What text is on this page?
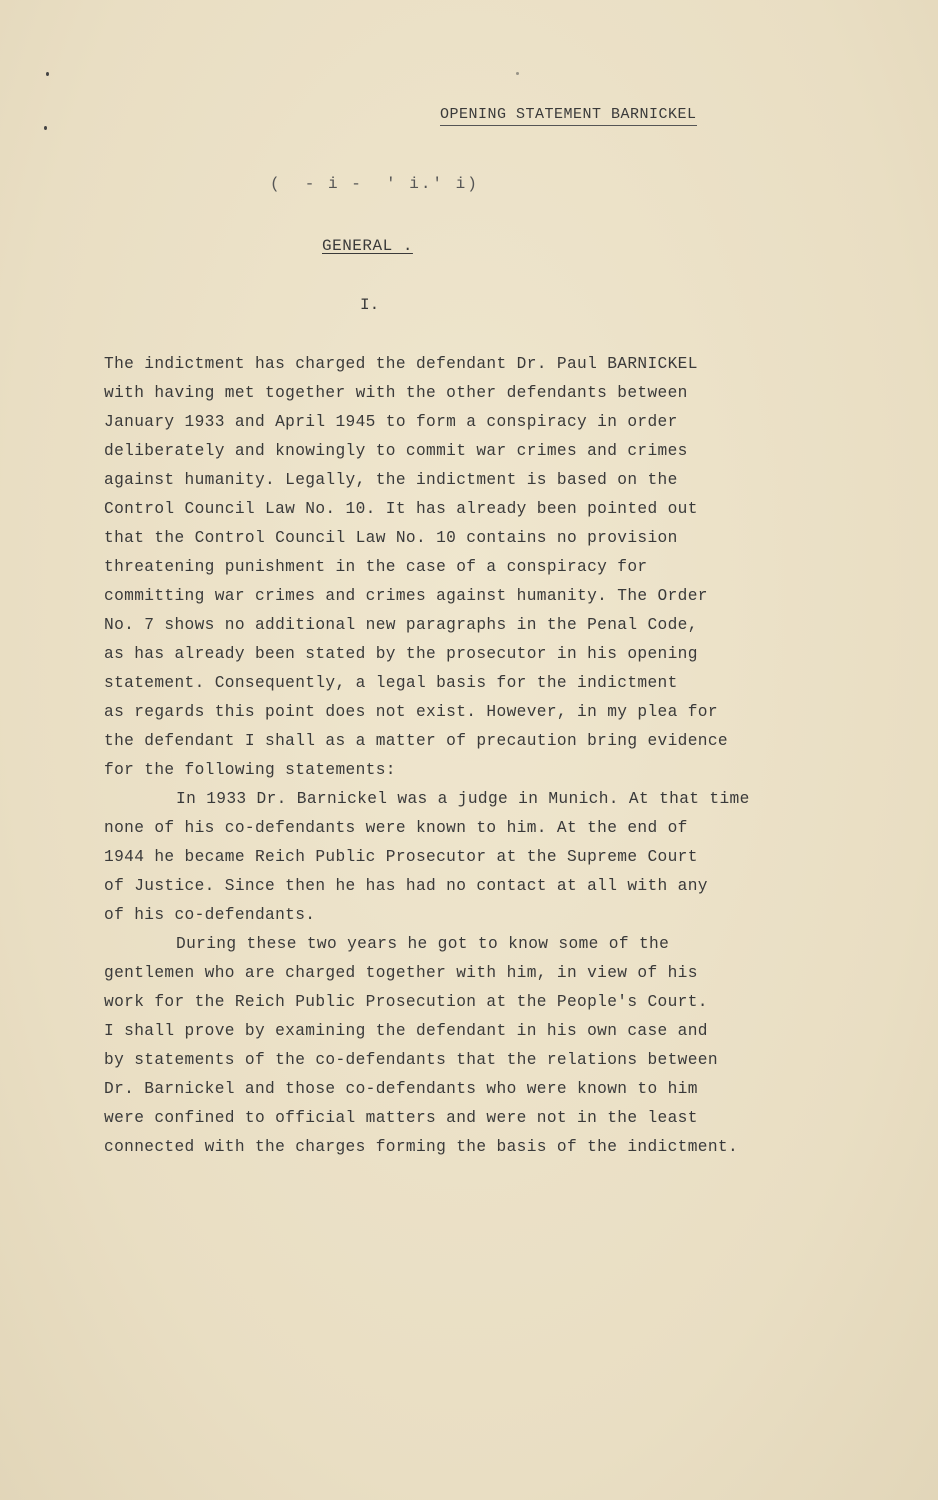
OPENING STATEMENT BARNICKEL
(  - i -  ' i.' i)
GENERAL .
I.
The indictment has charged the defendant Dr. Paul BARNICKEL
with having met together with the other defendants between
January 1933 and April 1945 to form a conspiracy in order
deliberately and knowingly to commit war crimes and crimes
against humanity. Legally, the indictment is based on the
Control Council Law No. 10. It has already been pointed out
that the Control Council Law No. 10 contains no provision
threatening punishment in the case of a conspiracy for
committing war crimes and crimes against humanity. The Order
No. 7 shows no additional new paragraphs in the Penal Code,
as has already been stated by the prosecutor in his opening
statement. Consequently, a legal basis for the indictment
as regards this point does not exist. However, in my plea for
the defendant I shall as a matter of precaution bring evidence
for the following statements:
In 1933 Dr. Barnickel was a judge in Munich. At that time
none of his co-defendants were known to him. At the end of
1944 he became Reich Public Prosecutor at the Supreme Court
of Justice. Since then he has had no contact at all with any
of his co-defendants.
During these two years he got to know some of the
gentlemen who are charged together with him, in view of his
work for the Reich Public Prosecution at the People's Court.
I shall prove by examining the defendant in his own case and
by statements of the co-defendants that the relations between
Dr. Barnickel and those co-defendants who were known to him
were confined to official matters and were not in the least
connected with the charges forming the basis of the indictment.
